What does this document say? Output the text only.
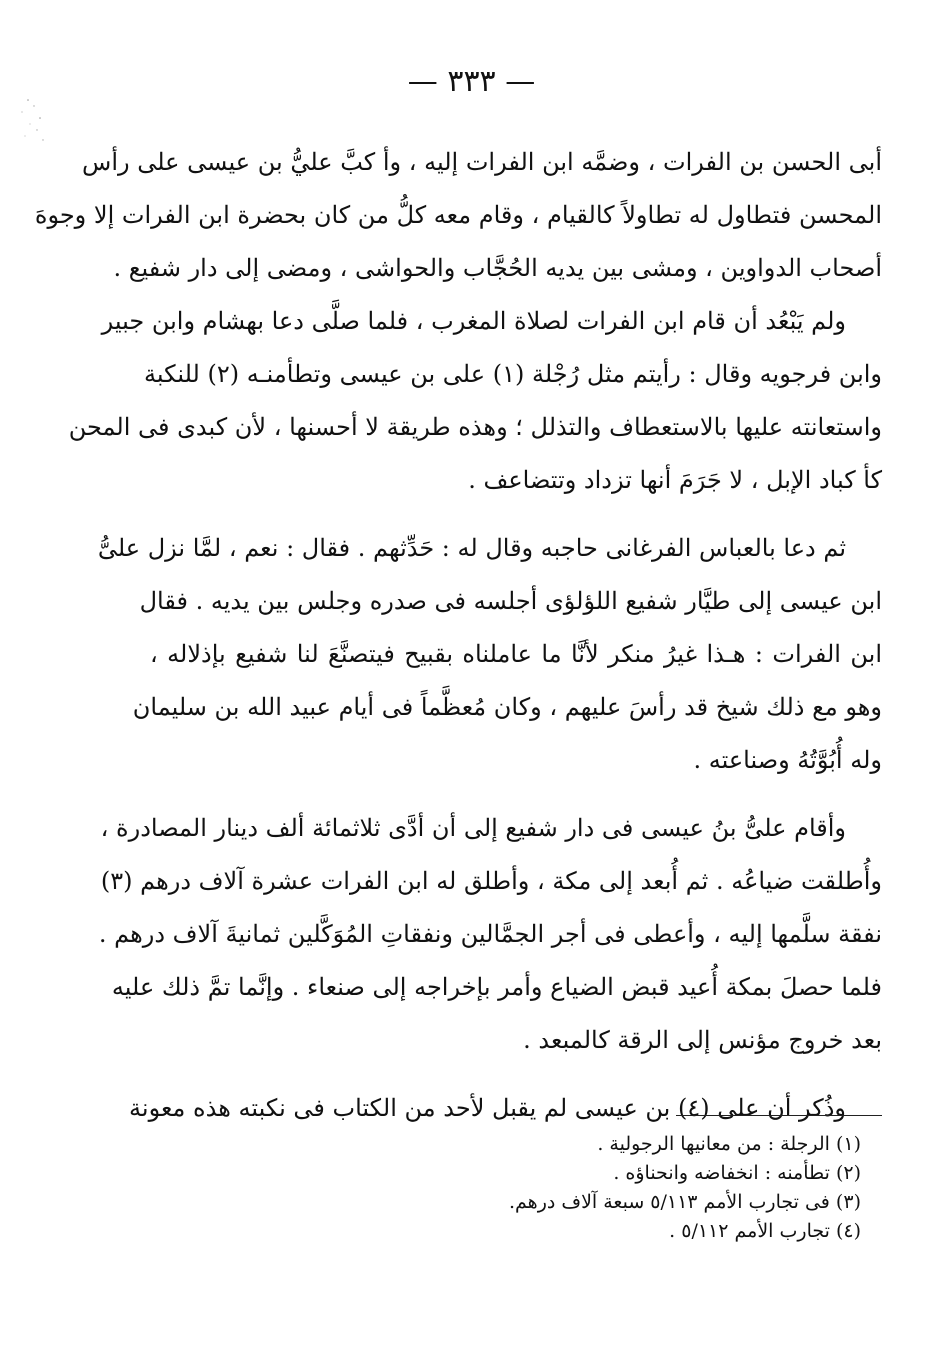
— ٣٣٣ —
أبى الحسن بن الفرات ، وضمَّه ابن الفرات إليه ، وأ كبَّ عليُّ بن عيسى على رأس
المحسن فتطاول له تطاولاً كالقيام ، وقام معه كلُّ من كان بحضرة ابن الفرات إلا وجوهَ
أصحاب الدواوين ، ومشى بين يديه الحُجَّاب والحواشى ، ومضى إلى دار شفيع .
ولم يَبْعُد أن قام ابن الفرات لصلاة المغرب ، فلما صلَّى دعا بهشام وابن جبير
وابن فرجويه وقال : رأيتم مثل رُجْلة (١) على بن عيسى وتطأمنـه (٢) للنكبة
واستعانته عليها بالاستعطاف والتذلل ؛ وهذه طريقة لا أحسنها ، لأن كبدى فى المحن
كأ كباد الإبل ، لا جَرَمَ أنها تزداد وتتضاعف .
ثم دعا بالعباس الفرغانى حاجبه وقال له : حَدِّثهم . فقال : نعم ، لمَّا نزل علىُّ
ابن عيسى إلى طيَّار شفيع اللؤلؤى أجلسه فى صدره وجلس بين يديه . فقال
ابن الفرات : هـذا غيرُ منكر لأنَّا ما عاملناه بقبيح فيتصنَّعَ لنا شفيع بإذلاله ،
وهو مع ذلك شيخ قد رأسَ عليهم ، وكان مُعظَّماً فى أيام عبيد الله بن سليمان
وله أُبُوَّتُهُ وصناعته .
وأقام علىُّ بنُ عيسى فى دار شفيع إلى أن أدَّى ثلاثمائة ألف دينار المصادرة ،
وأُطلقت ضياعُه . ثم أُبعد إلى مكة ، وأطلق له ابن الفرات عشرة آلاف درهم (٣)
نفقة سلَّمها إليه ، وأعطى فى أجر الجمَّالين ونفقاتِ المُوَكَّلين ثمانيةَ آلاف درهم .
فلما حصلَ بمكة أُعيد قبض الضياع وأمر بإخراجه إلى صنعاء . وإنَّما تمَّ ذلك عليه
بعد خروج مؤنس إلى الرقة كالمبعد .
وذُكر أن على (٤) بن عيسى لم يقبل لأحد من الكتاب فى نكبته هذه معونة
(١) الرجلة : من معانيها الرجولية .
(٢) تطأمنه : انخفاضه وانحناؤه .
(٣) فى تجارب الأمم ٥/١١٣ سبعة آلاف درهم.
(٤) تجارب الأمم ٥/١١٢ .
